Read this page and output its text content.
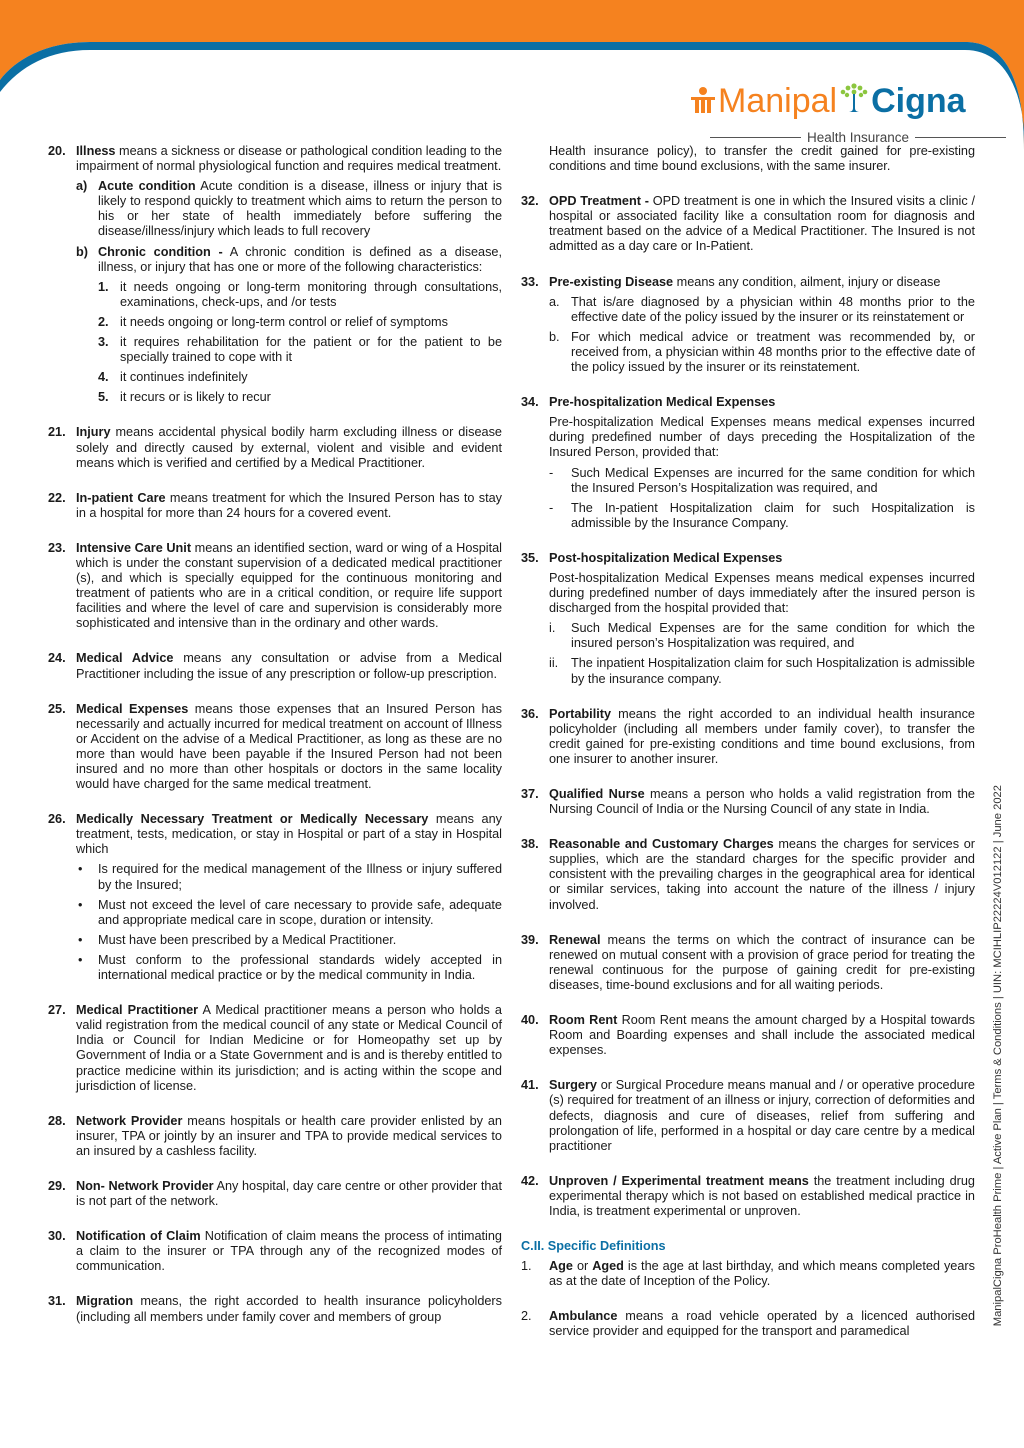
Manipal Cigna
Health Insurance
20. Illness means a sickness or disease or pathological condition leading to the impairment of normal physiological function and requires medical treatment.
a) Acute condition Acute condition is a disease, illness or injury that is likely to respond quickly to treatment which aims to return the person to his or her state of health immediately before suffering the disease/illness/injury which leads to full recovery
b) Chronic condition - A chronic condition is defined as a disease, illness, or injury that has one or more of the following characteristics:
1. it needs ongoing or long-term monitoring through consultations, examinations, check-ups, and /or tests
2. it needs ongoing or long-term control or relief of symptoms
3. it requires rehabilitation for the patient or for the patient to be specially trained to cope with it
4. it continues indefinitely
5. it recurs or is likely to recur
21. Injury means accidental physical bodily harm excluding illness or disease solely and directly caused by external, violent and visible and evident means which is verified and certified by a Medical Practitioner.
22. In-patient Care means treatment for which the Insured Person has to stay in a hospital for more than 24 hours for a covered event.
23. Intensive Care Unit means an identified section, ward or wing of a Hospital which is under the constant supervision of a dedicated medical practitioner (s), and which is specially equipped for the continuous monitoring and treatment of patients who are in a critical condition, or require life support facilities and where the level of care and supervision is considerably more sophisticated and intensive than in the ordinary and other wards.
24. Medical Advice means any consultation or advise from a Medical Practitioner including the issue of any prescription or follow-up prescription.
25. Medical Expenses means those expenses that an Insured Person has necessarily and actually incurred for medical treatment on account of Illness or Accident on the advise of a Medical Practitioner, as long as these are no more than would have been payable if the Insured Person had not been insured and no more than other hospitals or doctors in the same locality would have charged for the same medical treatment.
26. Medically Necessary Treatment or Medically Necessary means any treatment, tests, medication, or stay in Hospital or part of a stay in Hospital which
• Is required for the medical management of the Illness or injury suffered by the Insured;
• Must not exceed the level of care necessary to provide safe, adequate and appropriate medical care in scope, duration or intensity.
• Must have been prescribed by a Medical Practitioner.
• Must conform to the professional standards widely accepted in international medical practice or by the medical community in India.
27. Medical Practitioner A Medical practitioner means a person who holds a valid registration from the medical council of any state or Medical Council of India or Council for Indian Medicine or for Homeopathy set up by Government of India or a State Government and is and is thereby entitled to practice medicine within its jurisdiction; and is acting within the scope and jurisdiction of license.
28. Network Provider means hospitals or health care provider enlisted by an insurer, TPA or jointly by an insurer and TPA to provide medical services to an insured by a cashless facility.
29. Non- Network Provider Any hospital, day care centre or other provider that is not part of the network.
30. Notification of Claim Notification of claim means the process of intimating a claim to the insurer or TPA through any of the recognized modes of communication.
31. Migration means, the right accorded to health insurance policyholders (including all members under family cover and members of group
Health insurance policy), to transfer the credit gained for pre-existing conditions and time bound exclusions, with the same insurer.
32. OPD Treatment - OPD treatment is one in which the Insured visits a clinic / hospital or associated facility like a consultation room for diagnosis and treatment based on the advice of a Medical Practitioner. The Insured is not admitted as a day care or In-Patient.
33. Pre-existing Disease means any condition, ailment, injury or disease
a. That is/are diagnosed by a physician within 48 months prior to the effective date of the policy issued by the insurer or its reinstatement or
b. For which medical advice or treatment was recommended by, or received from, a physician within 48 months prior to the effective date of the policy issued by the insurer or its reinstatement.
34. Pre-hospitalization Medical Expenses
Pre-hospitalization Medical Expenses means medical expenses incurred during predefined number of days preceding the Hospitalization of the Insured Person, provided that:
- Such Medical Expenses are incurred for the same condition for which the Insured Person’s Hospitalization was required, and
- The In-patient Hospitalization claim for such Hospitalization is admissible by the Insurance Company.
35. Post-hospitalization Medical Expenses
Post-hospitalization Medical Expenses means medical expenses incurred during predefined number of days immediately after the insured person is discharged from the hospital provided that:
i. Such Medical Expenses are for the same condition for which the insured person’s Hospitalization was required, and
ii. The inpatient Hospitalization claim for such Hospitalization is admissible by the insurance company.
36. Portability means the right accorded to an individual health insurance policyholder (including all members under family cover), to transfer the credit gained for pre-existing conditions and time bound exclusions, from one insurer to another insurer.
37. Qualified Nurse means a person who holds a valid registration from the Nursing Council of India or the Nursing Council of any state in India.
38. Reasonable and Customary Charges means the charges for services or supplies, which are the standard charges for the specific provider and consistent with the prevailing charges in the geographical area for identical or similar services, taking into account the nature of the illness / injury involved.
39. Renewal means the terms on which the contract of insurance can be renewed on mutual consent with a provision of grace period for treating the renewal continuous for the purpose of gaining credit for pre-existing diseases, time-bound exclusions and for all waiting periods.
40. Room Rent Room Rent means the amount charged by a Hospital towards Room and Boarding expenses and shall include the associated medical expenses.
41. Surgery or Surgical Procedure means manual and / or operative procedure (s) required for treatment of an illness or injury, correction of deformities and defects, diagnosis and cure of diseases, relief from suffering and prolongation of life, performed in a hospital or day care centre by a medical practitioner
42. Unproven / Experimental treatment means the treatment including drug experimental therapy which is not based on established medical practice in India, is treatment experimental or unproven.
C.II. Specific Definitions
1. Age or Aged is the age at last birthday, and which means completed years as at the date of Inception of the Policy.
2. Ambulance means a road vehicle operated by a licenced authorised service provider and equipped for the transport and paramedical
ManipalCigna ProHealth Prime | Active Plan | Terms & Conditions | UIN: MCIHLIP22224V012122 | June 2022
